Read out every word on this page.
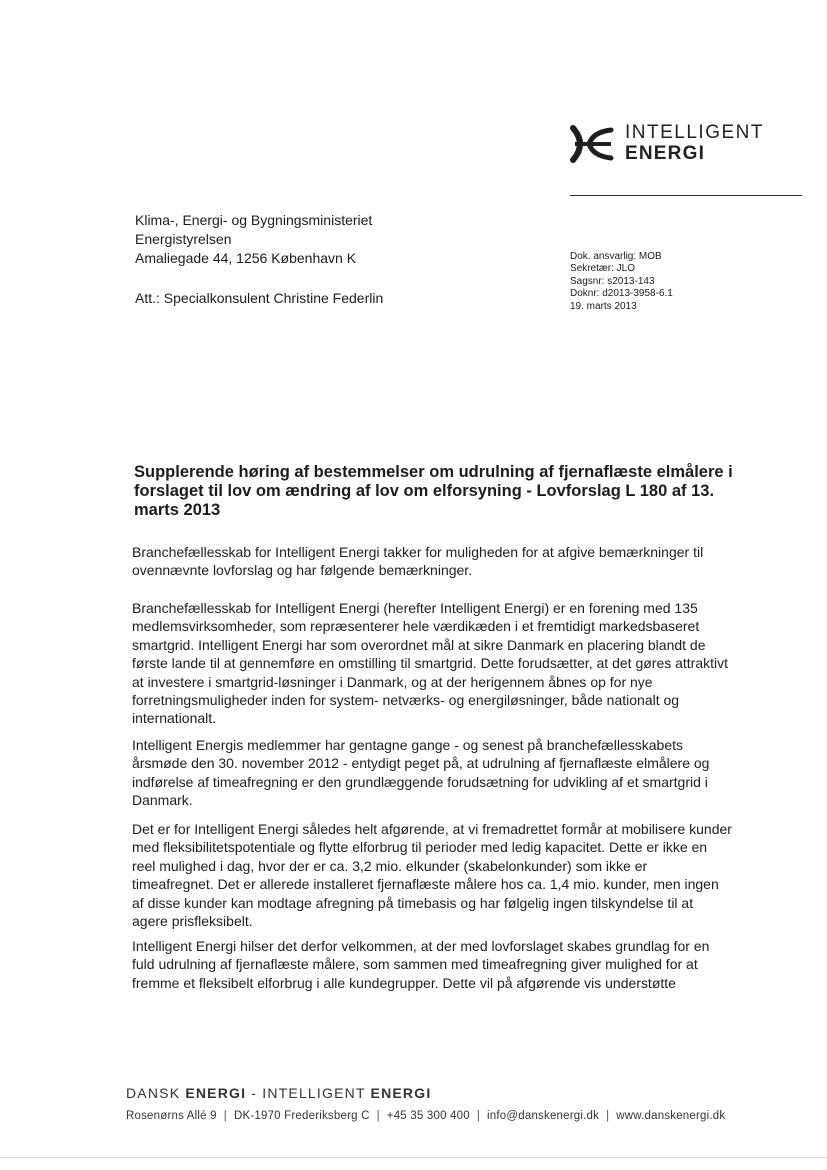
INTELLIGENT
ENERGI
Klima-, Energi- og Bygningsministeriet
Energistyrelsen
Amaliegade 44, 1256 København K
Att.: Specialkonsulent Christine Federlin
Dok. ansvarlig: MOB
Sekretær: JLO
Sagsnr: s2013-143
Doknr: d2013-3958-6.1
19. marts 2013
Supplerende høring af bestemmelser om udrulning af fjernaflæste elmålere i forslaget til lov om ændring af lov om elforsyning - Lovforslag L 180 af 13. marts 2013
Branchefællesskab for Intelligent Energi takker for muligheden for at afgive bemærkninger til ovennævnte lovforslag og har følgende bemærkninger.
Branchefællesskab for Intelligent Energi (herefter Intelligent Energi) er en forening med 135 medlemsvirksomheder, som repræsenterer hele værdikæden i et fremtidigt markedsbaseret smartgrid. Intelligent Energi har som overordnet mål at sikre Danmark en placering blandt de første lande til at gennemføre en omstilling til smartgrid. Dette forudsætter, at det gøres attraktivt at investere i smartgrid-løsninger i Danmark, og at der herigennem åbnes op for nye forretningsmuligheder inden for system- netværks- og energiløsninger, både nationalt og internationalt.
Intelligent Energis medlemmer har gentagne gange - og senest på branchefællesskabets årsmøde den 30. november 2012 - entydigt peget på, at udrulning af fjernaflæste elmålere og indførelse af timeafregning er den grundlæggende forudsætning for udvikling af et smartgrid i Danmark.
Det er for Intelligent Energi således helt afgørende, at vi fremadrettet formår at mobilisere kunder med fleksibilitetspotentiale og flytte elforbrug til perioder med ledig kapacitet. Dette er ikke en reel mulighed i dag, hvor der er ca. 3,2 mio. elkunder (skabelonkunder) som ikke er timeafregnet. Det er allerede installeret fjernaflæste målere hos ca. 1,4 mio. kunder, men ingen af disse kunder kan modtage afregning på timebasis og har følgelig ingen tilskyndelse til at agere prisfleksibelt.
Intelligent Energi hilser det derfor velkommen, at der med lovforslaget skabes grundlag for en fuld udrulning af fjernaflæste målere, som sammen med timeafregning giver mulighed for at fremme et fleksibelt elforbrug i alle kundegrupper. Dette vil på afgørende vis understøtte
DANSK ENERGI - INTELLIGENT ENERGI
Rosenørns Allé 9 | DK-1970 Frederiksberg C | +45 35 300 400 | info@danskenergi.dk | www.danskenergi.dk
